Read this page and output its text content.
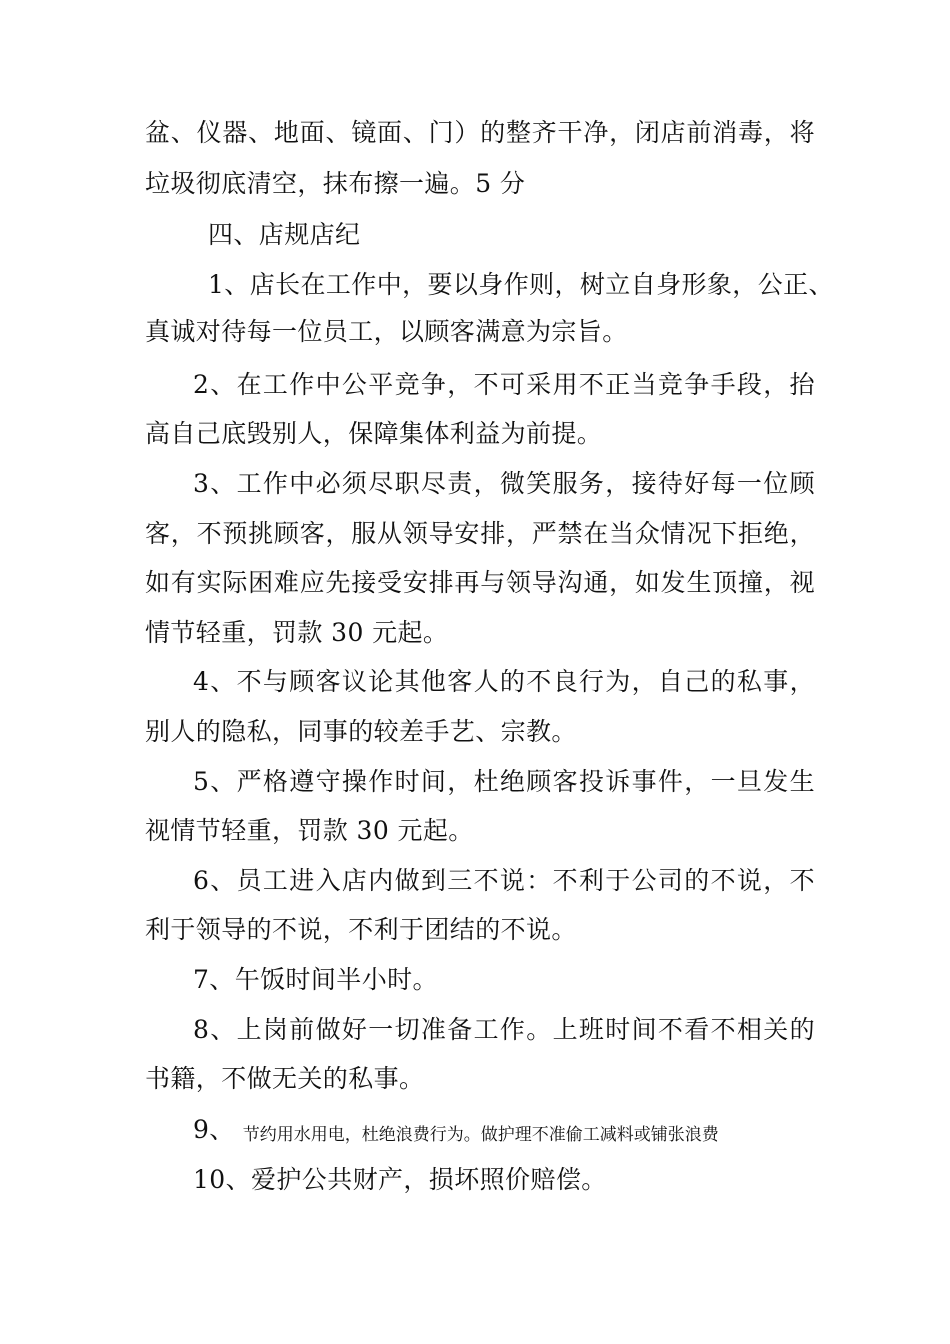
盆、仪器、地面、镜面、门）的整齐干净，闭店前消毒，将
垃圾彻底清空，抹布擦一遍。5 分
四、店规店纪
1、店长在工作中，要以身作则，树立自身形象，公正、
真诚对待每一位员工，以顾客满意为宗旨。
2、在工作中公平竞争，不可采用不正当竞争手段，抬
高自己底毁别人，保障集体利益为前提。
3、工作中必须尽职尽责，微笑服务，接待好每一位顾
客，不预挑顾客，服从领导安排，严禁在当众情况下拒绝，
如有实际困难应先接受安排再与领导沟通，如发生顶撞，视
情节轻重，罚款 30 元起。
4、不与顾客议论其他客人的不良行为，自己的私事，
别人的隐私，同事的较差手艺、宗教。
5、严格遵守操作时间，杜绝顾客投诉事件，一旦发生
视情节轻重，罚款 30 元起。
6、员工进入店内做到三不说：不利于公司的不说，不
利于领导的不说，不利于团结的不说。
7、午饭时间半小时。
8、上岗前做好一切准备工作。上班时间不看不相关的
书籍，不做无关的私事。
9、 节约用水用电，杜绝浪费行为。做护理不准偷工减料或铺张浪费
10、爱护公共财产，损坏照价赔偿。
